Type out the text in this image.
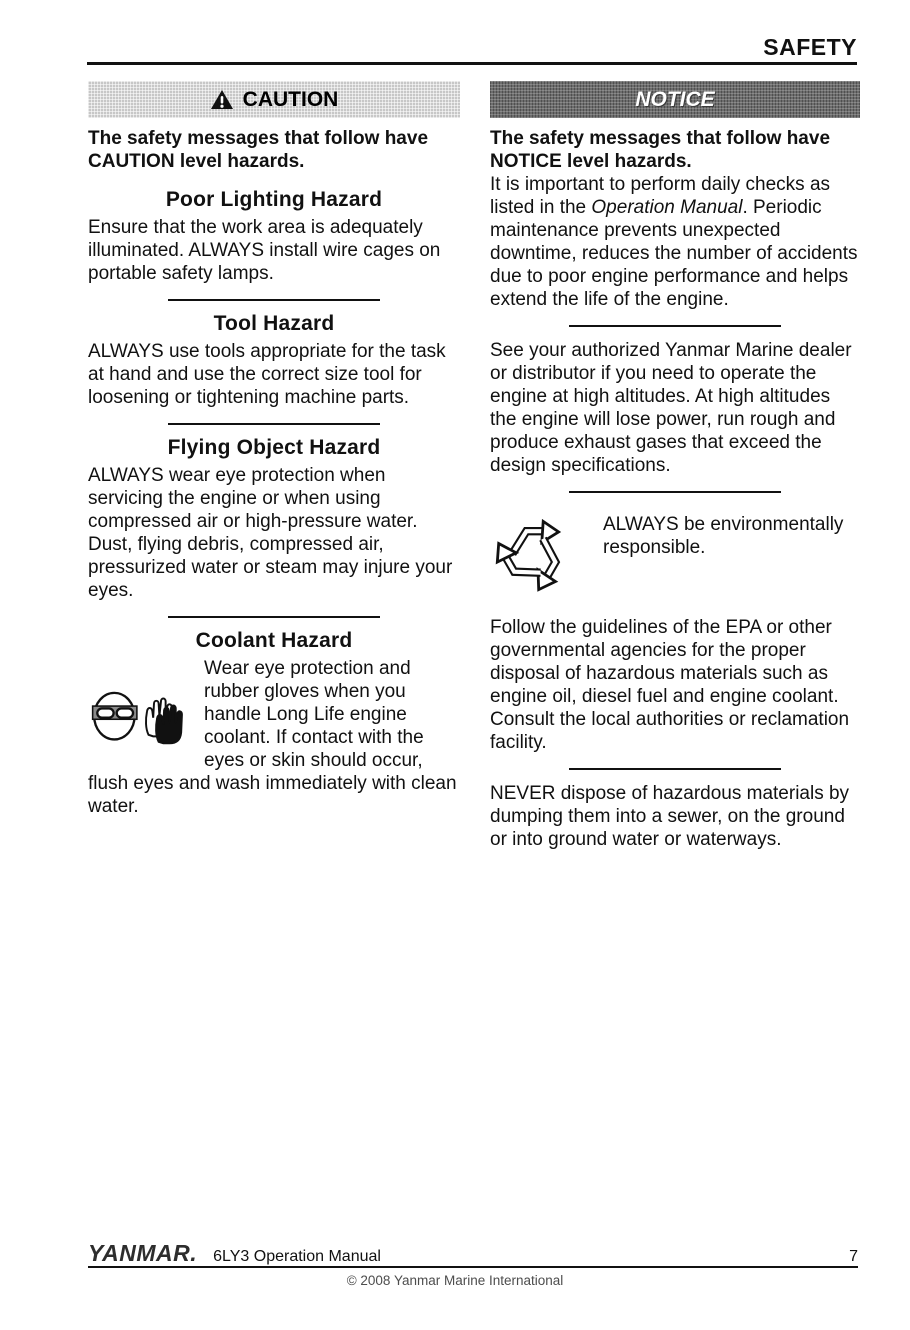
SAFETY
CAUTION

The safety messages that follow have CAUTION level hazards.

Poor Lighting Hazard

Ensure that the work area is adequately illuminated. ALWAYS install wire cages on portable safety lamps.

Tool Hazard

ALWAYS use tools appropriate for the task at hand and use the correct size tool for loosening or tightening machine parts.

Flying Object Hazard

ALWAYS wear eye protection when servicing the engine or when using compressed air or high-pressure water. Dust, flying debris, compressed air, pressurized water or steam may injure your eyes.

Coolant Hazard
Wear eye protection and rubber gloves when you handle Long Life engine coolant. If contact with the eyes or skin should occur, flush eyes and wash immediately with clean water.
NOTICE

The safety messages that follow have NOTICE level hazards.

It is important to perform daily checks as listed in the Operation Manual. Periodic maintenance prevents unexpected downtime, reduces the number of accidents due to poor engine performance and helps extend the life of the engine.

See your authorized Yanmar Marine dealer or distributor if you need to operate the engine at high altitudes. At high altitudes the engine will lose power, run rough and produce exhaust gases that exceed the design specifications.

ALWAYS be environmentally responsible.

Follow the guidelines of the EPA or other governmental agencies for the proper disposal of hazardous materials such as engine oil, diesel fuel and engine coolant. Consult the local authorities or reclamation facility.

NEVER dispose of hazardous materials by dumping them into a sewer, on the ground or into ground water or waterways.

YANMAR. 6LY3 Operation Manual	7
© 2008 Yanmar Marine International
